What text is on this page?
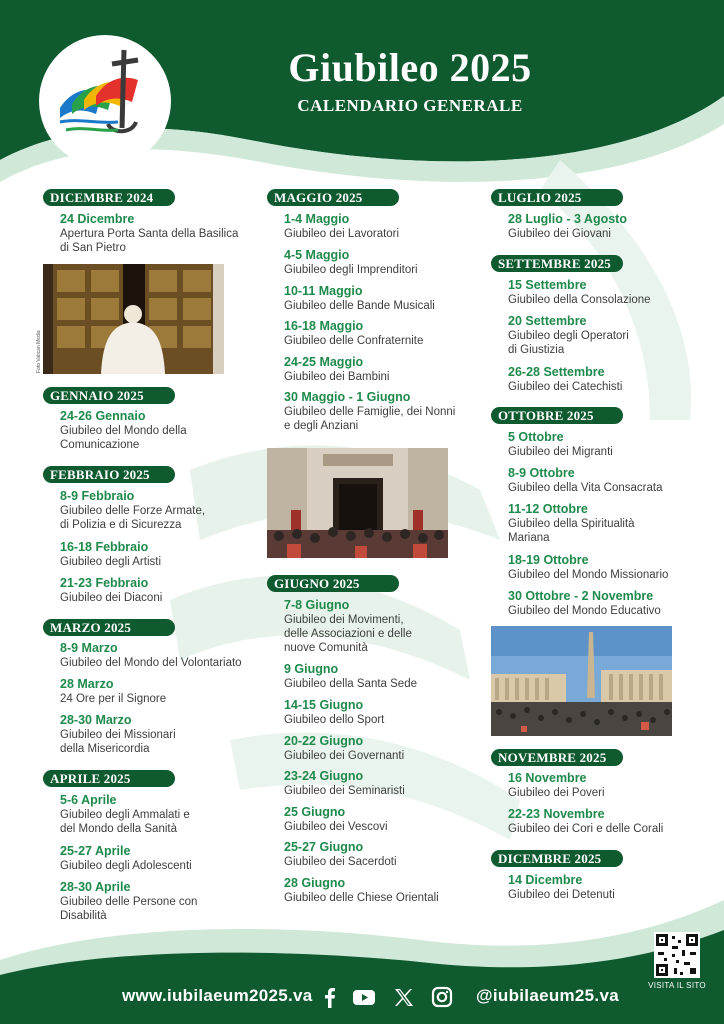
Giubileo 2025
CALENDARIO GENERALE
DICEMBRE 2024
24 Dicembre
Apertura Porta Santa della Basilica
di San Pietro
Foto Vatican Media
GENNAIO 2025
24-26 Gennaio
Giubileo del Mondo della
Comunicazione
FEBBRAIO 2025
8-9 Febbraio
Giubileo delle Forze Armate,
di Polizia e di Sicurezza
16-18 Febbraio
Giubileo degli Artisti
21-23 Febbraio
Giubileo dei Diaconi
MARZO 2025
8-9 Marzo
Giubileo del Mondo del Volontariato
28 Marzo
24 Ore per il Signore
28-30 Marzo
Giubileo dei Missionari
della Misericordia
APRILE 2025
5-6 Aprile
Giubileo degli Ammalati e
del Mondo della Sanità
25-27 Aprile
Giubileo degli Adolescenti
28-30 Aprile
Giubileo delle Persone con
Disabilità
MAGGIO 2025
1-4 Maggio
Giubileo dei Lavoratori
4-5 Maggio
Giubileo degli Imprenditori
10-11 Maggio
Giubileo delle Bande Musicali
16-18 Maggio
Giubileo delle Confraternite
24-25 Maggio
Giubileo dei Bambini
30 Maggio - 1 Giugno
Giubileo delle Famiglie, dei Nonni
e degli Anziani
GIUGNO 2025
7-8 Giugno
Giubileo dei Movimenti,
delle Associazioni e delle
nuove Comunità
9 Giugno
Giubileo della Santa Sede
14-15 Giugno
Giubileo dello Sport
20-22 Giugno
Giubileo dei Governanti
23-24 Giugno
Giubileo dei Seminaristi
25 Giugno
Giubileo dei Vescovi
25-27 Giugno
Giubileo dei Sacerdoti
28 Giugno
Giubileo delle Chiese Orientali
LUGLIO 2025
28 Luglio - 3 Agosto
Giubileo dei Giovani
SETTEMBRE 2025
15 Settembre
Giubileo della Consolazione
20 Settembre
Giubileo degli Operatori
di Giustizia
26-28 Settembre
Giubileo dei Catechisti
OTTOBRE 2025
5 Ottobre
Giubileo dei Migranti
8-9 Ottobre
Giubileo della Vita Consacrata
11-12 Ottobre
Giubileo della Spiritualità
Mariana
18-19 Ottobre
Giubileo del Mondo Missionario
30 Ottobre - 2 Novembre
Giubileo del Mondo Educativo
NOVEMBRE 2025
16 Novembre
Giubileo dei Poveri
22-23 Novembre
Giubileo dei Cori e delle Corali
DICEMBRE 2025
14 Dicembre
Giubileo dei Detenuti
VISITA IL SITO
www.iubilaeum2025.va	@iubilaeum25.va
